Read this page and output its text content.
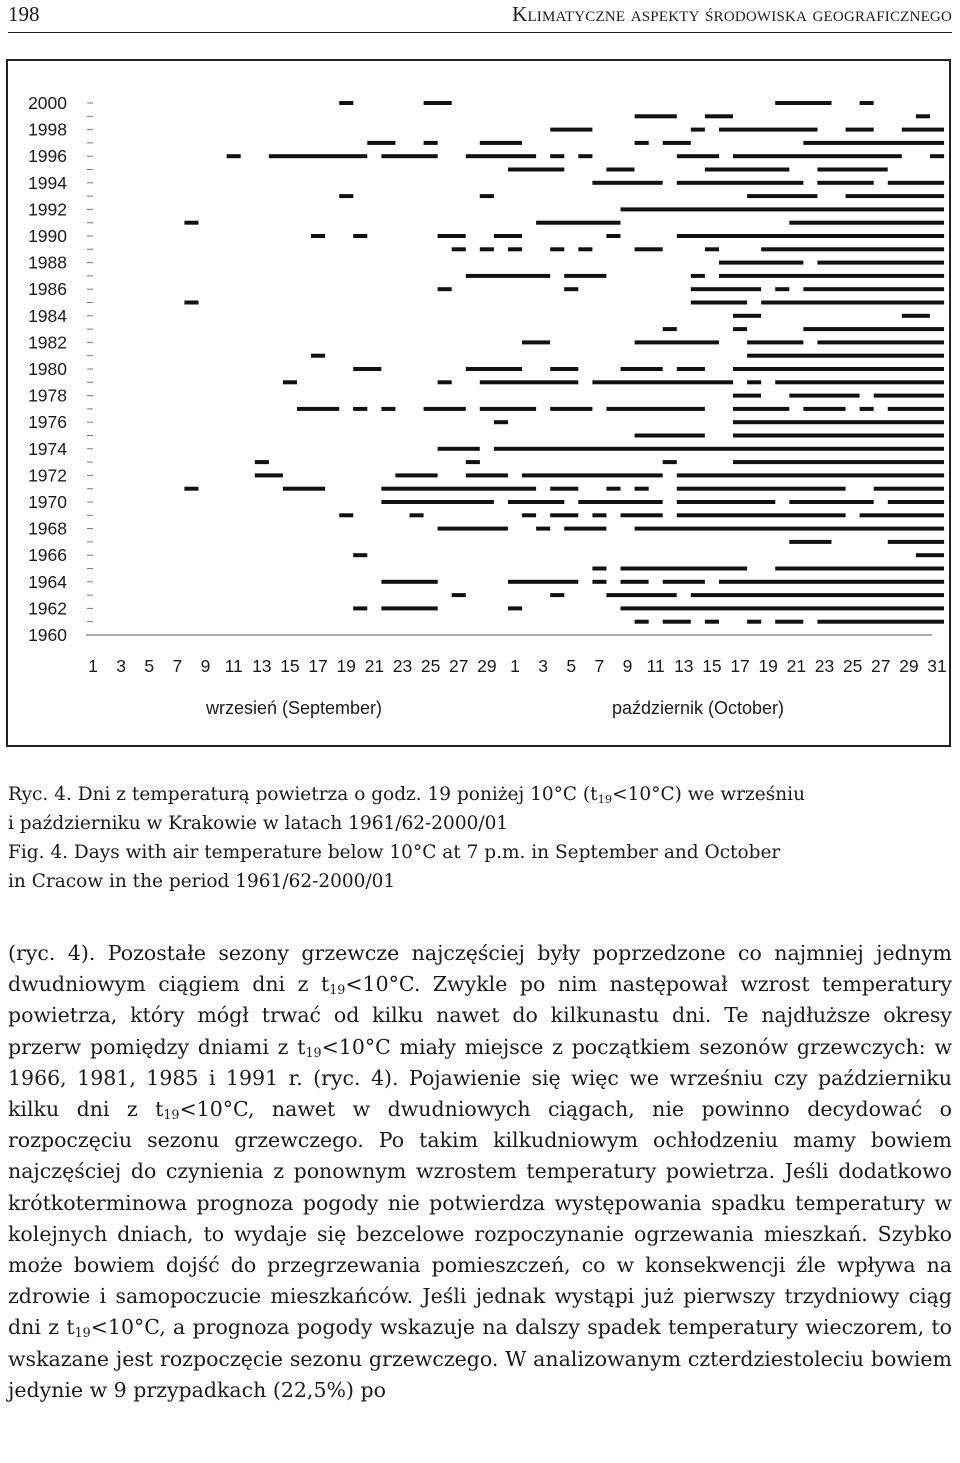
198	Klimatyczne aspekty środowiska geograficznego
2000
1998
1996
1994
1992
1990
1988
1986
1984
1982
1980
1978
1976
1974
1972
1970
1968
1966
1964
1962
1960
1 3 5 7 9 11 13 15 17 19 21 23 25 27 29 1 3 5 7 9 11 13 15 17 19 21 23 25 27 29 31
wrzesień (September)	październik (October)

Ryc. 4. Dni z temperaturą powietrza o godz. 19 poniżej 10°C $(t_{19}<10^\circ C)$ we wrześniu

i październiku w Krakowie w latach 1961/62-2000/01

Fig. 4. Days with air temperature below 10°C at 7 p.m. in September and October

in Cracow in the period 1961/62-2000/01

(ryc. 4). Pozostałe sezony grzewcze najczęściej były poprzedzone co najmniej jednym dwudniowym ciągiem dni z $t_{19}<10^\circ C$. Zwykle po nim następował wzrost temperatury powietrza, który mógł trwać od kilku nawet do kilkunastu dni. Te najdłuższe okresy przerw pomiędzy dniami z $t_{19}<10^\circ C$ miały miejsce z początkiem sezonów grzewczych: w 1966, 1981, 1985 i 1991 r. (ryc. 4). Pojawienie się więc we wrześniu czy październiku kilku dni z $t_{19}<10^\circ C$, nawet w dwudniowych ciągach, nie powinno decydować o rozpoczęciu sezonu grzewczego. Po takim kilkudniowym ochłodzeniu mamy bowiem najczęściej do czynienia z ponownym wzrostem temperatury powietrza. Jeśli dodatkowo krótkoterminowa prognoza pogody nie potwierdza występowania spadku temperatury w kolejnych dniach, to wydaje się bezcelowe rozpoczynanie ogrzewania mieszkań. Szybko może bowiem dojść do przegrzewania pomieszczeń, co w konsekwencji źle wpływa na zdrowie i samopoczucie mieszkańców. Jeśli jednak wystąpi już pierwszy trzydniowy ciąg dni z $t_{19}<10^\circ C$, a prognoza pogody wskazuje na dalszy spadek temperatury wieczorem, to wskazane jest rozpoczęcie sezonu grzewczego. W analizowanym czterdziestoleciu bowiem jedynie w 9 przypadkach (22,5%) po
